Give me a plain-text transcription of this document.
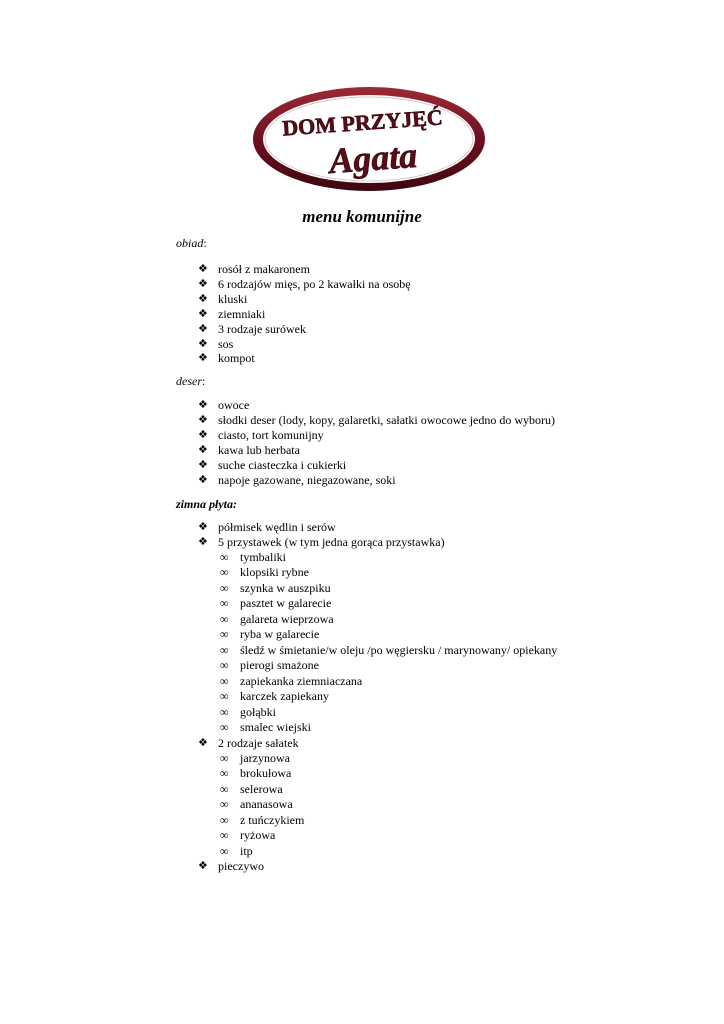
DOM PRZYJĘĆ
Agata
menu komunijne
obiad:
❖ rosół z makaronem
❖ 6 rodzajów mięs, po 2 kawałki na osobę
❖ kluski
❖ ziemniaki
❖ 3 rodzaje surówek
❖ sos
❖ kompot
deser:
❖ owoce
❖ słodki deser (lody, kopy, galaretki, sałatki owocowe jedno do wyboru)
❖ ciasto, tort komunijny
❖ kawa lub herbata
❖ suche ciasteczka i cukierki
❖ napoje gazowane, niegazowane, soki
zimna płyta:
❖ półmisek wędlin i serów
❖ 5 przystawek (w tym jedna gorąca przystawka)
∞ tymbaliki
∞ klopsiki rybne
∞ szynka w auszpiku
∞ pasztet w galarecie
∞ galareta wieprzowa
∞ ryba w galarecie
∞ śledź w śmietanie/w oleju /po węgiersku / marynowany/ opiekany
∞ pierogi smażone
∞ zapiekanka ziemniaczana
∞ karczek zapiekany
∞ gołąbki
∞ smalec wiejski
❖ 2 rodzaje sałatek
∞ jarzynowa
∞ brokułowa
∞ selerowa
∞ ananasowa
∞ z tuńczykiem
∞ ryżowa
∞ itp
❖ pieczywo
